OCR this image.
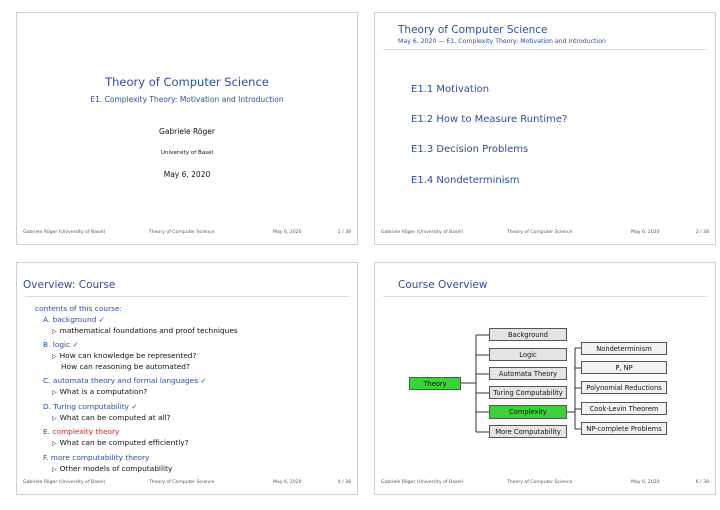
Theory of Computer Science
E1. Complexity Theory: Motivation and Introduction
Gabriele Röger
University of Basel
May 6, 2020
Gabriele Röger (University of Basel)	Theory of Computer Science	May 6, 2020	1 / 38
Theory of Computer Science
May 6, 2020 — E1. Complexity Theory: Motivation and Introduction
E1.1 Motivation
E1.2 How to Measure Runtime?
E1.3 Decision Problems
E1.4 Nondeterminism
Gabriele Röger (University of Basel)	Theory of Computer Science	May 6, 2020	2 / 38
Overview: Course
contents of this course:
A. background ✓
▷ mathematical foundations and proof techniques
B. logic ✓
▷ How can knowledge be represented?
How can reasoning be automated?
C. automata theory and formal languages ✓
▷ What is a computation?
D. Turing computability ✓
▷ What can be computed at all?
E. complexity theory
▷ What can be computed efficiently?
F. more computability theory
▷ Other models of computability
Gabriele Röger (University of Basel)	Theory of Computer Science	May 6, 2020	4 / 38
Course Overview
Theory
Background
Logic
Automata Theory
Turing Computability
Complexity
More Computability
Nondeterminism
P, NP
Polynomial Reductions
Cook-Levin Theorem
NP-complete Problems
Gabriele Röger (University of Basel)	Theory of Computer Science	May 6, 2020	6 / 38
